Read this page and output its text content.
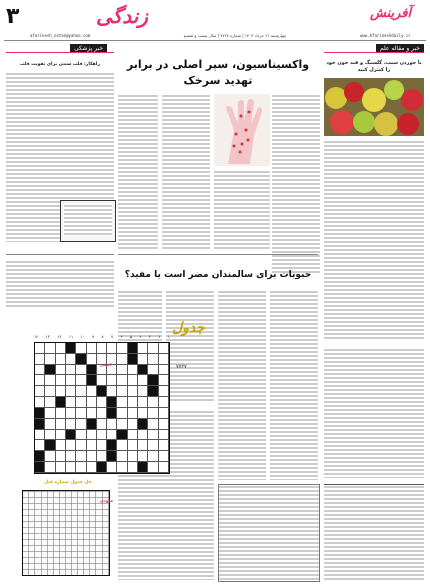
۳	زندگی	آفرینش
afarinesh_ostan@yahoo.com	www.Afarineshdaily.ir
چهارشنبه ۲۱ خرداد ۱۴۰۴ | شماره ۷۷۲۷ | سال بیست و ششم
خبر و مقاله علم
با خوردن سیب، گلسنگ و قند خون خود را کنترل کنید
واکسیناسیون، سپر اصلی در برابر
تهدید سرخک
حبوبات برای سالمندان مضر است یا مفید؟
خبر پزشکی
راهکار: قلب سنتی برای تقویت قلب
جدول
۷۷۲۷
۱۴ ۱۳ ۱۲ ۱۱ ۱۰ ۹ ۸ ۷ ۶ ۵ ۴ ۳ ۲ ۱
افقی
حل جدول شماره قبل
عمودی
